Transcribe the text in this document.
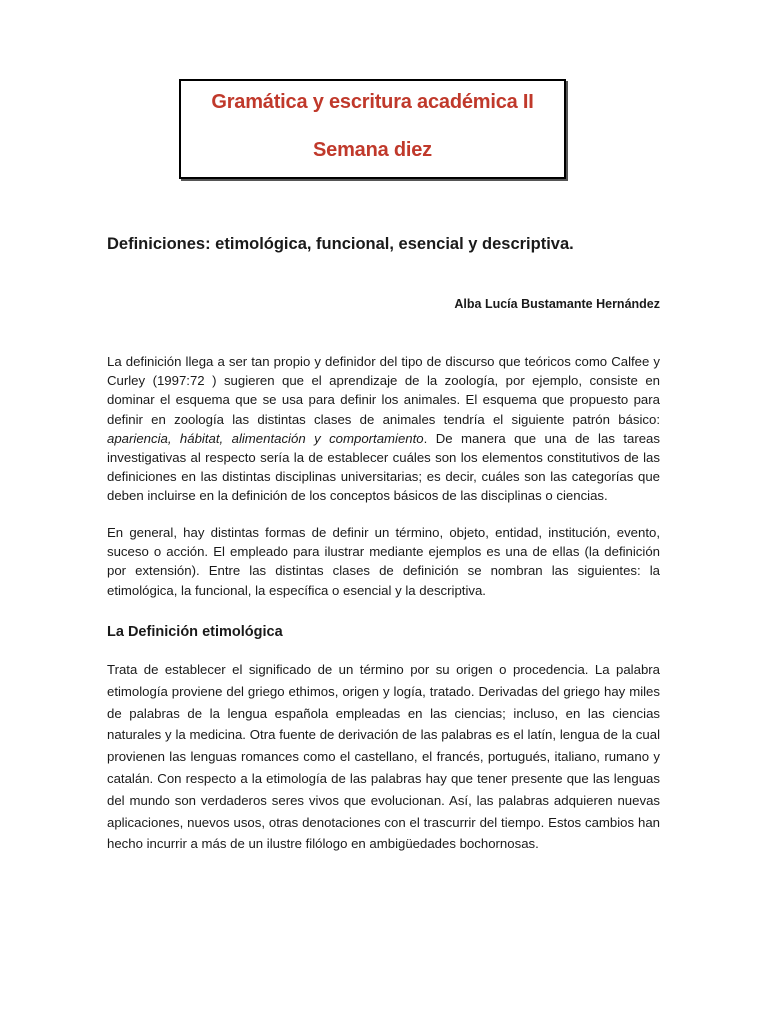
Gramática y escritura académica II
Semana diez
Definiciones: etimológica, funcional, esencial y descriptiva.
Alba Lucía Bustamante Hernández

La definición llega a ser tan propio y definidor del tipo de discurso que teóricos como Calfee y Curley (1997:72 ) sugieren que el aprendizaje de la zoología, por ejemplo, consiste en dominar el esquema que se usa para definir los animales. El esquema que propuesto para definir en zoología las distintas clases de animales tendría el siguiente patrón básico: apariencia, hábitat, alimentación y comportamiento. De manera que una de las tareas investigativas al respecto sería la de establecer cuáles son los elementos constitutivos de las definiciones en las distintas disciplinas universitarias; es decir, cuáles son las categorías que deben incluirse en la definición de los conceptos básicos de las disciplinas o ciencias.

En general, hay distintas formas de definir un término, objeto, entidad, institución, evento, suceso o acción. El empleado para ilustrar mediante ejemplos es una de ellas (la definición por extensión). Entre las distintas clases de definición se nombran las siguientes: la etimológica, la funcional, la específica o esencial y la descriptiva.

La Definición etimológica

Trata de establecer el significado de un término por su origen o procedencia. La palabra etimología proviene del griego ethimos, origen y logía, tratado. Derivadas del griego hay miles de palabras de la lengua española empleadas en las ciencias; incluso, en las ciencias naturales y la medicina. Otra fuente de derivación de las palabras es el latín, lengua de la cual provienen las lenguas romances como el castellano, el francés, portugués, italiano, rumano y catalán. Con respecto a la etimología de las palabras hay que tener presente que las lenguas del mundo son verdaderos seres vivos que evolucionan. Así, las palabras adquieren nuevas aplicaciones, nuevos usos, otras denotaciones con el trascurrir del tiempo. Estos cambios han hecho incurrir a más de un ilustre filólogo en ambigüedades bochornosas.
